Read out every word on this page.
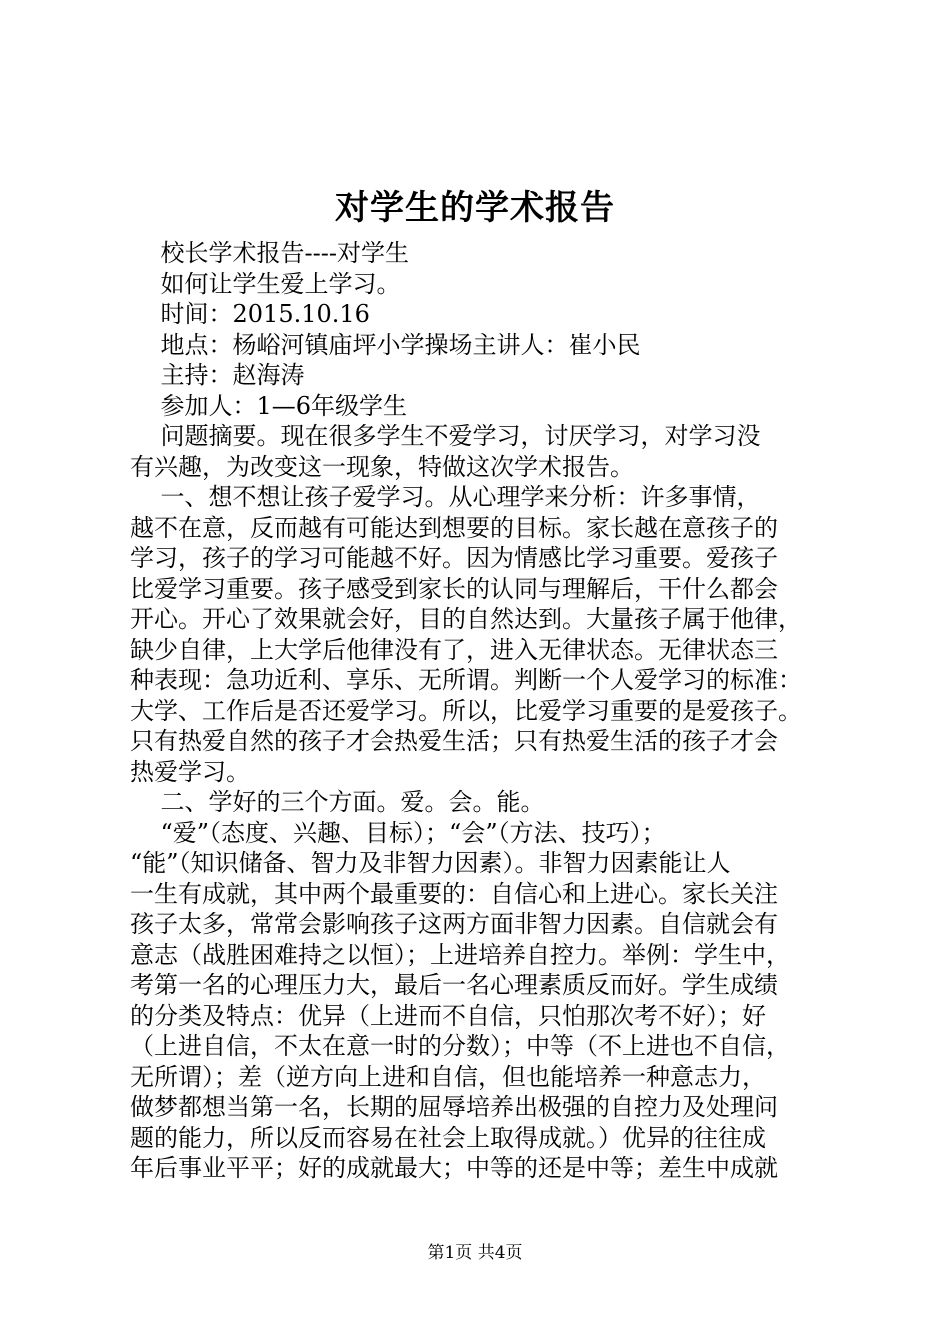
对学生的学术报告
校长学术报告----对学生
如何让学生爱上学习。
时间：2015.10.16
地点：杨峪河镇庙坪小学操场主讲人：崔小民
主持：赵海涛
参加人：1—6年级学生
问题摘要。现在很多学生不爱学习，讨厌学习，对学习没
有兴趣，为改变这一现象，特做这次学术报告。
一、想不想让孩子爱学习。从心理学来分析：许多事情，
越不在意，反而越有可能达到想要的目标。家长越在意孩子的
学习，孩子的学习可能越不好。因为情感比学习重要。爱孩子
比爱学习重要。孩子感受到家长的认同与理解后，干什么都会
开心。开心了效果就会好，目的自然达到。大量孩子属于他律，
缺少自律，上大学后他律没有了，进入无律状态。无律状态三
种表现：急功近利、享乐、无所谓。判断一个人爱学习的标准：
大学、工作后是否还爱学习。所以，比爱学习重要的是爱孩子。
只有热爱自然的孩子才会热爱生活；只有热爱生活的孩子才会
热爱学习。
二、学好的三个方面。爱。会。能。
“爱”（态度、兴趣、目标）；“会”（方法、技巧）；
“能”（知识储备、智力及非智力因素）。非智力因素能让人
一生有成就，其中两个最重要的：自信心和上进心。家长关注
孩子太多，常常会影响孩子这两方面非智力因素。自信就会有
意志（战胜困难持之以恒）；上进培养自控力。举例：学生中，
考第一名的心理压力大，最后一名心理素质反而好。学生成绩
的分类及特点：优异（上进而不自信，只怕那次考不好）；好
（上进自信，不太在意一时的分数）；中等（不上进也不自信，
无所谓）；差（逆方向上进和自信，但也能培养一种意志力，
做梦都想当第一名，长期的屈辱培养出极强的自控力及处理问
题的能力，所以反而容易在社会上取得成就。）优异的往往成
年后事业平平；好的成就最大；中等的还是中等；差生中成就
第1页 共4页
